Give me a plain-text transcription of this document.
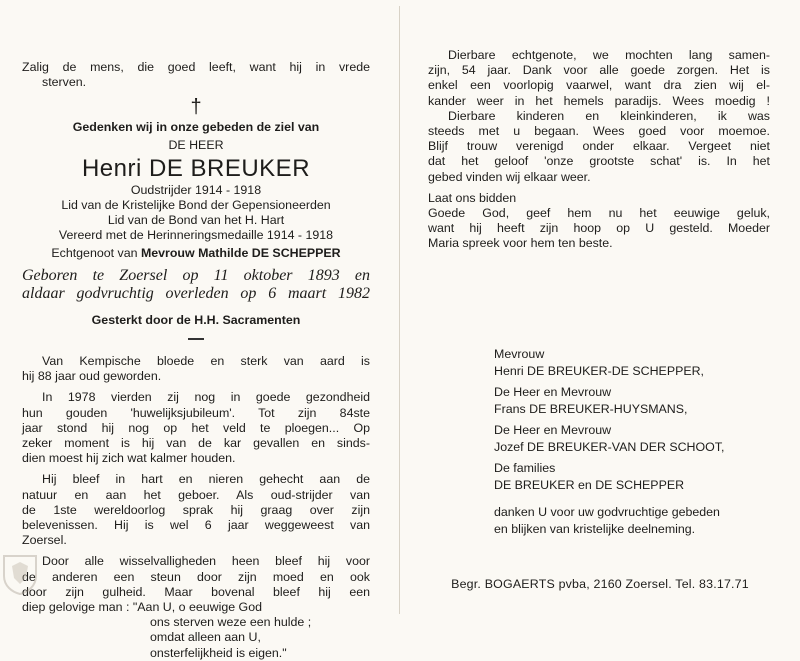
Zalig de mens, die goed leeft, want hij in vrede

sterven.

†

Gedenken wij in onze gebeden de ziel van

DE HEER

Henri DE BREUKER

Oudstrijder 1914 - 1918

Lid van de Kristelijke Bond der Gepensioneerden

Lid van de Bond van het H. Hart

Vereerd met de Herinneringsmedaille 1914 - 1918

Echtgenoot van Mevrouw Mathilde DE SCHEPPER

Geboren te Zoersel op 11 oktober 1893 en

aldaar godvruchtig overleden op 6 maart 1982

Gesterkt door de H.H. Sacramenten

Van Kempische bloede en sterk van aard is

hij 88 jaar oud geworden.

In 1978 vierden zij nog in goede gezondheid

hun gouden 'huwelijksjubileum'. Tot zijn 84ste

jaar stond hij nog op het veld te ploegen... Op

zeker moment is hij van de kar gevallen en sinds-

dien moest hij zich wat kalmer houden.

Hij bleef in hart en nieren gehecht aan de

natuur en aan het geboer. Als oud-strijder van

de 1ste wereldoorlog sprak hij graag over zijn

belevenissen. Hij is wel 6 jaar weggeweest van

Zoersel.

Door alle wisselvalligheden heen bleef hij voor

de anderen een steun door zijn moed en ook

door zijn gulheid. Maar bovenal bleef hij een

diep gelovige man : "Aan U, o eeuwige God

ons sterven weze een hulde ;

omdat alleen aan U,

onsterfelijkheid is eigen."

Dierbare echtgenote, we mochten lang samen-

zijn, 54 jaar. Dank voor alle goede zorgen. Het is

enkel een voorlopig vaarwel, want dra zien wij el-

kander weer in het hemels paradijs. Wees moedig !

Dierbare kinderen en kleinkinderen, ik was

steeds met u begaan. Wees goed voor moemoe.

Blijf trouw verenigd onder elkaar. Vergeet niet

dat het geloof 'onze grootste schat' is. In het

gebed vinden wij elkaar weer.

Laat ons bidden

Goede God, geef hem nu het eeuwige geluk,

want hij heeft zijn hoop op U gesteld. Moeder

Maria spreek voor hem ten beste.

Mevrouw

Henri DE BREUKER-DE SCHEPPER,

De Heer en Mevrouw

Frans DE BREUKER-HUYSMANS,

De Heer en Mevrouw

Jozef DE BREUKER-VAN DER SCHOOT,

De families

DE BREUKER en DE SCHEPPER

danken U voor uw godvruchtige gebeden

en blijken van kristelijke deelneming.

Begr. BOGAERTS pvba, 2160 Zoersel. Tel. 83.17.71
